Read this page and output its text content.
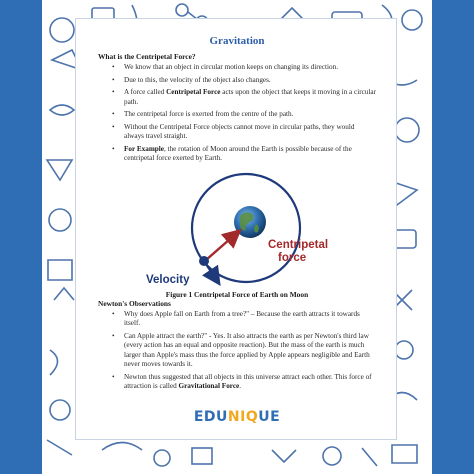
Gravitation
What is the Centripetal Force?
• We know that an object in circular motion keeps on changing its direction.
• Due to this, the velocity of the object also changes.
• A force called Centripetal Force acts upon the object that keeps it moving in a circular path.
• The centripetal force is exerted from the centre of the path.
• Without the Centripetal Force objects cannot move in circular paths, they would always travel straight.
• For Example, the rotation of Moon around the Earth is possible because of the centripetal force exerted by Earth.
Centripetal
force
Velocity
Figure 1 Centripetal Force of Earth on Moon
Newton's Observations
• Why does Apple fall on Earth from a tree?" – Because the earth attracts it towards itself.
• Can Apple attract the earth?" - Yes. It also attracts the earth as per Newton's third law (every action has an equal and opposite reaction). But the mass of the earth is much larger than Apple's mass thus the force applied by Apple appears negligible and Earth never moves towards it.
• Newton thus suggested that all objects in this universe attract each other. This force of attraction is called Gravitational Force.
EDUNIQUE
